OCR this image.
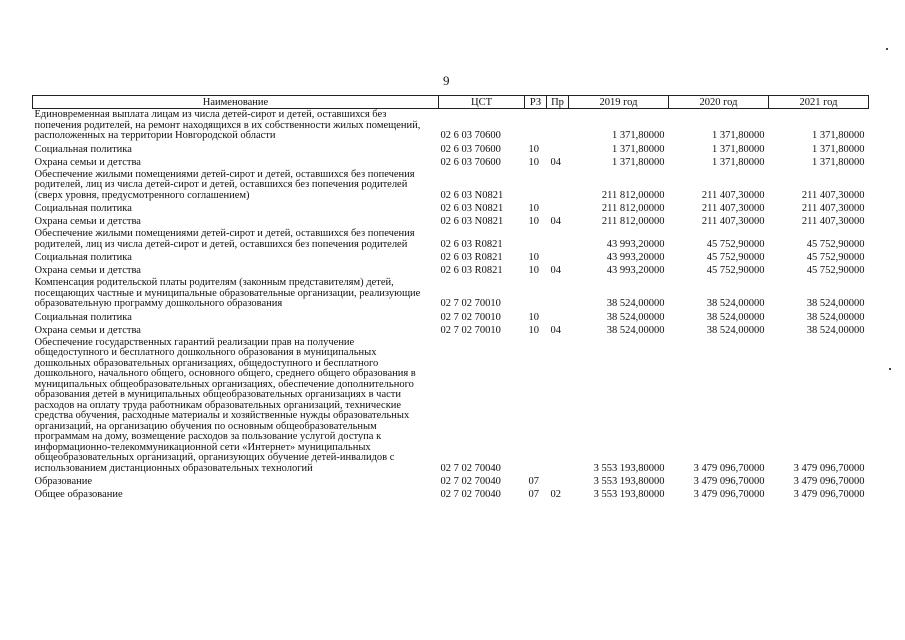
9
Наименование	ЦСТ	РЗ	Пр	2019 год	2020 год	2021 год
Единовременная выплата лицам из числа детей-сирот и детей, оставшихся без попечения родителей, на ремонт находящихся в их собственности жилых помещений, расположенных на территории Новгородской области	02 6 03 70600			1 371,80000	1 371,80000	1 371,80000
Социальная политика	02 6 03 70600	10		1 371,80000	1 371,80000	1 371,80000
Охрана семьи и детства	02 6 03 70600	10	04	1 371,80000	1 371,80000	1 371,80000
Обеспечение жилыми помещениями детей-сирот и детей, оставшихся без попечения родителей, лиц из числа детей-сирот и детей, оставшихся без попечения родителей (сверх уровня, предусмотренного соглашением)	02 6 03 N0821			211 812,00000	211 407,30000	211 407,30000
Социальная политика	02 6 03 N0821	10		211 812,00000	211 407,30000	211 407,30000
Охрана семьи и детства	02 6 03 N0821	10	04	211 812,00000	211 407,30000	211 407,30000
Обеспечение жилыми помещениями детей-сирот и детей, оставшихся без попечения родителей, лиц из числа детей-сирот и детей, оставшихся без попечения родителей	02 6 03 R0821			43 993,20000	45 752,90000	45 752,90000
Социальная политика	02 6 03 R0821	10		43 993,20000	45 752,90000	45 752,90000
Охрана семьи и детства	02 6 03 R0821	10	04	43 993,20000	45 752,90000	45 752,90000
Компенсация родительской платы родителям (законным представителям) детей, посещающих частные и муниципальные образовательные организации, реализующие образовательную программу дошкольного образования	02 7 02 70010			38 524,00000	38 524,00000	38 524,00000
Социальная политика	02 7 02 70010	10		38 524,00000	38 524,00000	38 524,00000
Охрана семьи и детства	02 7 02 70010	10	04	38 524,00000	38 524,00000	38 524,00000
Обеспечение государственных гарантий реализации прав на получение общедоступного и бесплатного дошкольного образования в муниципальных дошкольных образовательных организациях, общедоступного и бесплатного дошкольного, начального общего, основного общего, среднего общего образования в муниципальных общеобразовательных организациях, обеспечение дополнительного образования детей в муниципальных общеобразовательных организациях в части расходов на оплату труда работникам образовательных организаций, технические средства обучения, расходные материалы и хозяйственные нужды образовательных организаций, на организацию обучения по основным общеобразовательным программам на дому, возмещение расходов за пользование услугой доступа к информационно-телекоммуникационной сети «Интернет» муниципальных общеобразовательных организаций, организующих обучение детей-инвалидов с использованием дистанционных образовательных технологий	02 7 02 70040			3 553 193,80000	3 479 096,70000	3 479 096,70000
Образование	02 7 02 70040	07		3 553 193,80000	3 479 096,70000	3 479 096,70000
Общее образование	02 7 02 70040	07	02	3 553 193,80000	3 479 096,70000	3 479 096,70000
